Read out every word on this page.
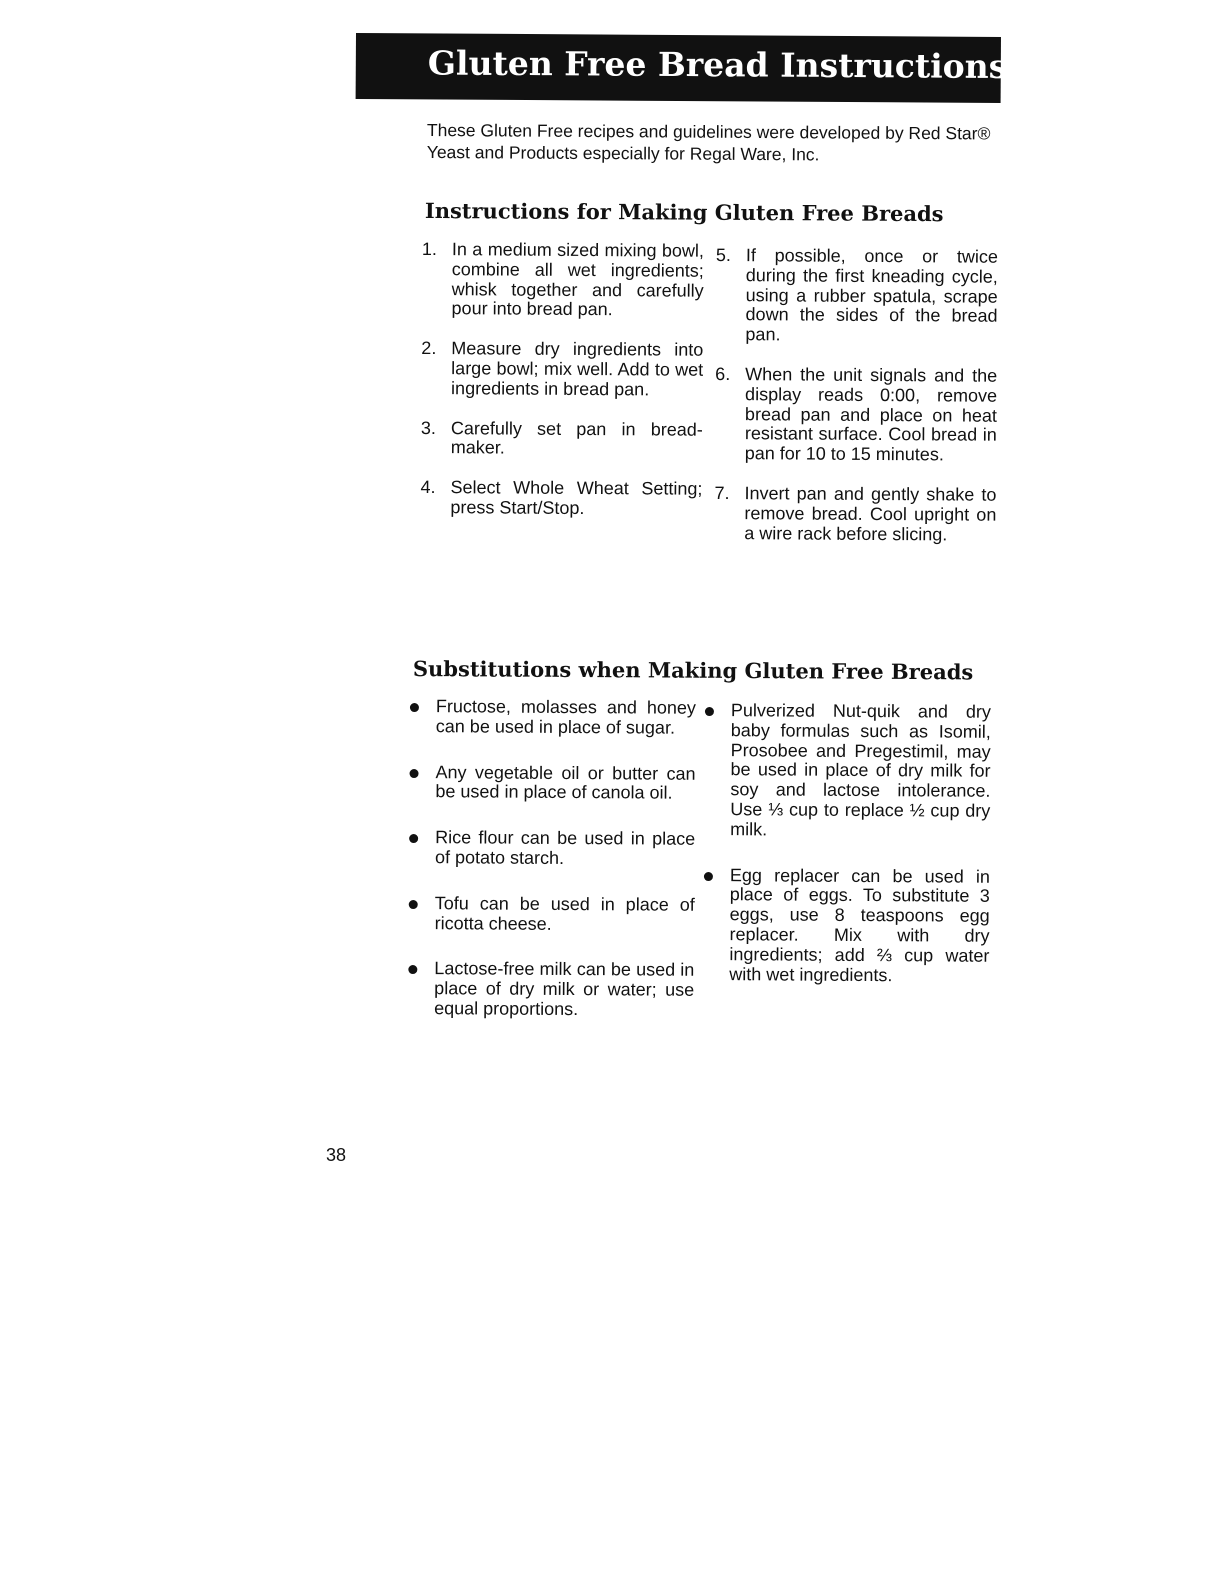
Gluten Free Bread Instructions

These Gluten Free recipes and guidelines were developed by Red Star® Yeast and Products especially for Regal Ware, Inc.

Instructions for Making Gluten Free Breads
1. In a medium sized mixing bowl, combine all wet ingredients; whisk together and carefully pour into bread pan.
2. Measure dry ingredients into large bowl; mix well. Add to wet ingredients in bread pan.
3. Carefully set pan in bread-maker.
4. Select Whole Wheat Setting; press Start/Stop.
5. If possible, once or twice during the first kneading cycle, using a rubber spatula, scrape down the sides of the bread pan.
6. When the unit signals and the display reads 0:00, remove bread pan and place on heat resistant surface. Cool bread in pan for 10 to 15 minutes.
7. Invert pan and gently shake to remove bread. Cool upright on a wire rack before slicing.
Substitutions when Making Gluten Free Breads
Fructose, molasses and honey can be used in place of sugar.
Any vegetable oil or butter can be used in place of canola oil.
Rice flour can be used in place of potato starch.
Tofu can be used in place of ricotta cheese.
Lactose-free milk can be used in place of dry milk or water; use equal proportions.
Pulverized Nut-quik and dry baby formulas such as Isomil, Prosobee and Pregestimil, may be used in place of dry milk for soy and lactose intolerance. Use ⅓ cup to replace ½ cup dry milk.
Egg replacer can be used in place of eggs. To substitute 3 eggs, use 8 teaspoons egg replacer. Mix with dry ingredients; add ⅔ cup water with wet ingredients.
38
